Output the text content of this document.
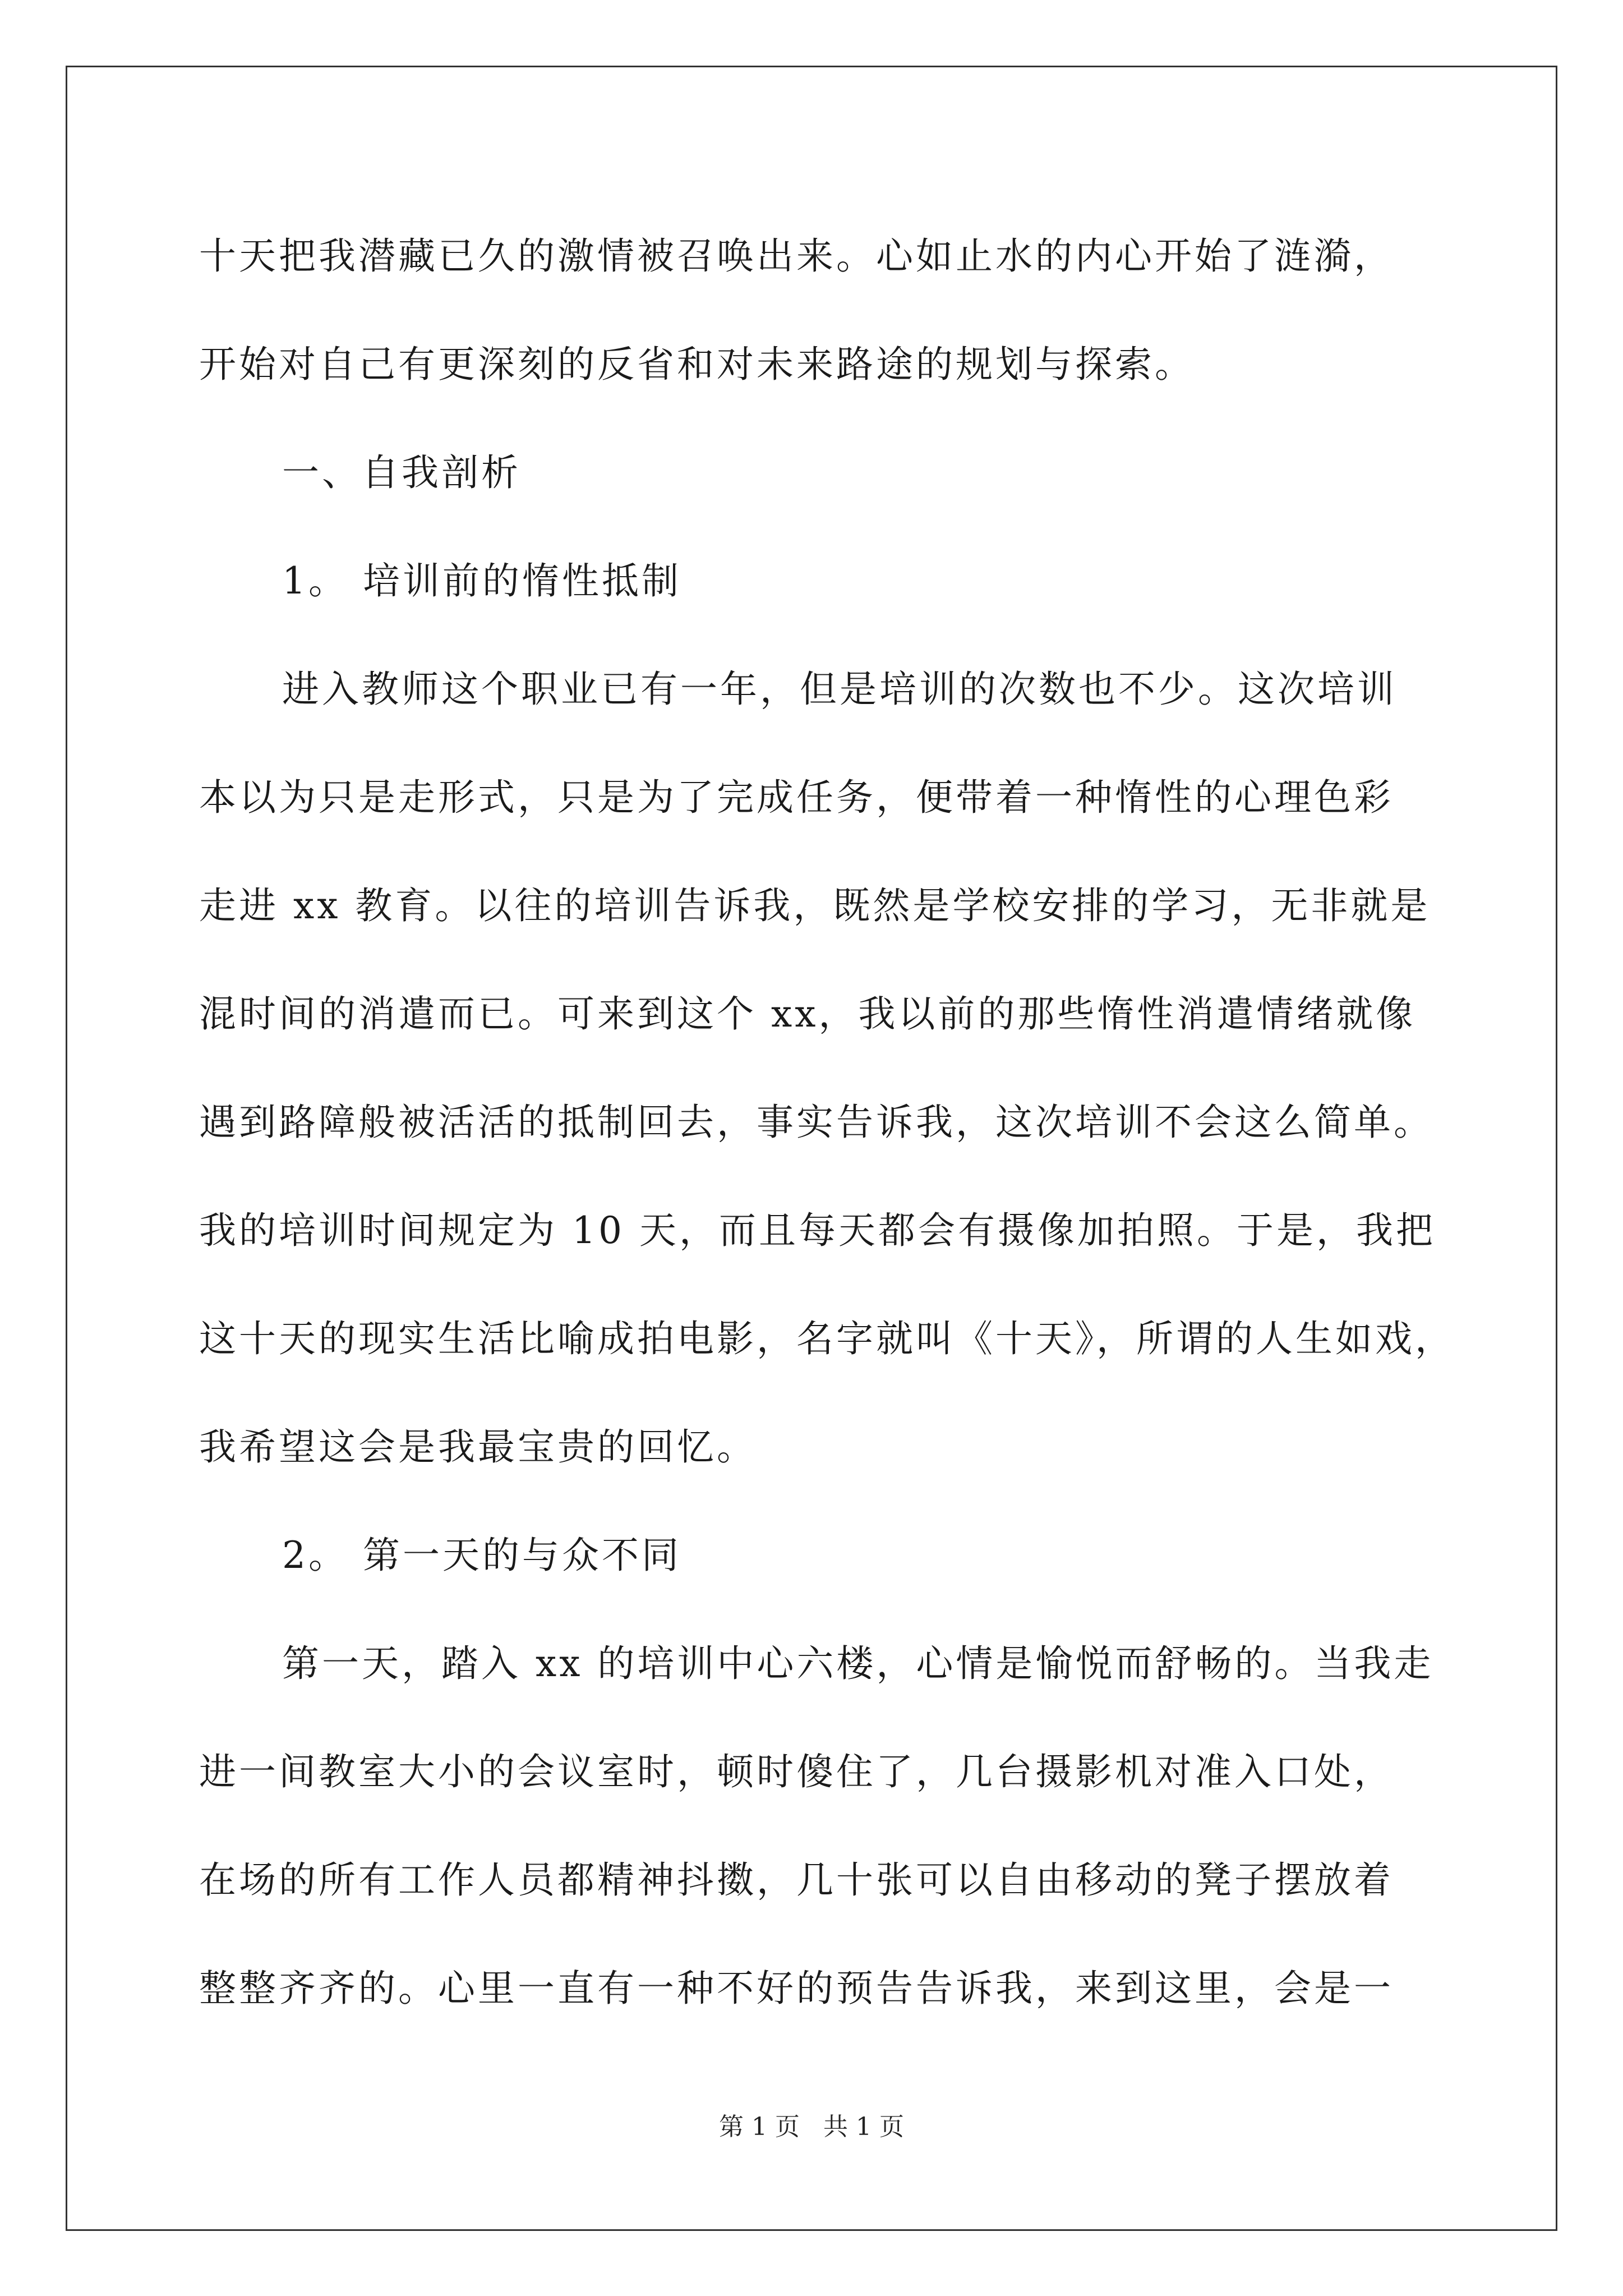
十天把我潜藏已久的激情被召唤出来。心如止水的内心开始了涟漪，
开始对自己有更深刻的反省和对未来路途的规划与探索。
一、自我剖析
1。 培训前的惰性抵制
进入教师这个职业已有一年，但是培训的次数也不少。这次培训
本以为只是走形式，只是为了完成任务，便带着一种惰性的心理色彩
走进 xx 教育。以往的培训告诉我，既然是学校安排的学习，无非就是
混时间的消遣而已。可来到这个 xx，我以前的那些惰性消遣情绪就像
遇到路障般被活活的抵制回去，事实告诉我，这次培训不会这么简单。
我的培训时间规定为 10 天，而且每天都会有摄像加拍照。于是，我把
这十天的现实生活比喻成拍电影，名字就叫《十天》，所谓的人生如戏，
我希望这会是我最宝贵的回忆。
2。 第一天的与众不同
第一天，踏入 xx 的培训中心六楼，心情是愉悦而舒畅的。当我走
进一间教室大小的会议室时，顿时傻住了，几台摄影机对准入口处，
在场的所有工作人员都精神抖擞，几十张可以自由移动的凳子摆放着
整整齐齐的。心里一直有一种不好的预告告诉我，来到这里，会是一
第 1 页 共 1 页
